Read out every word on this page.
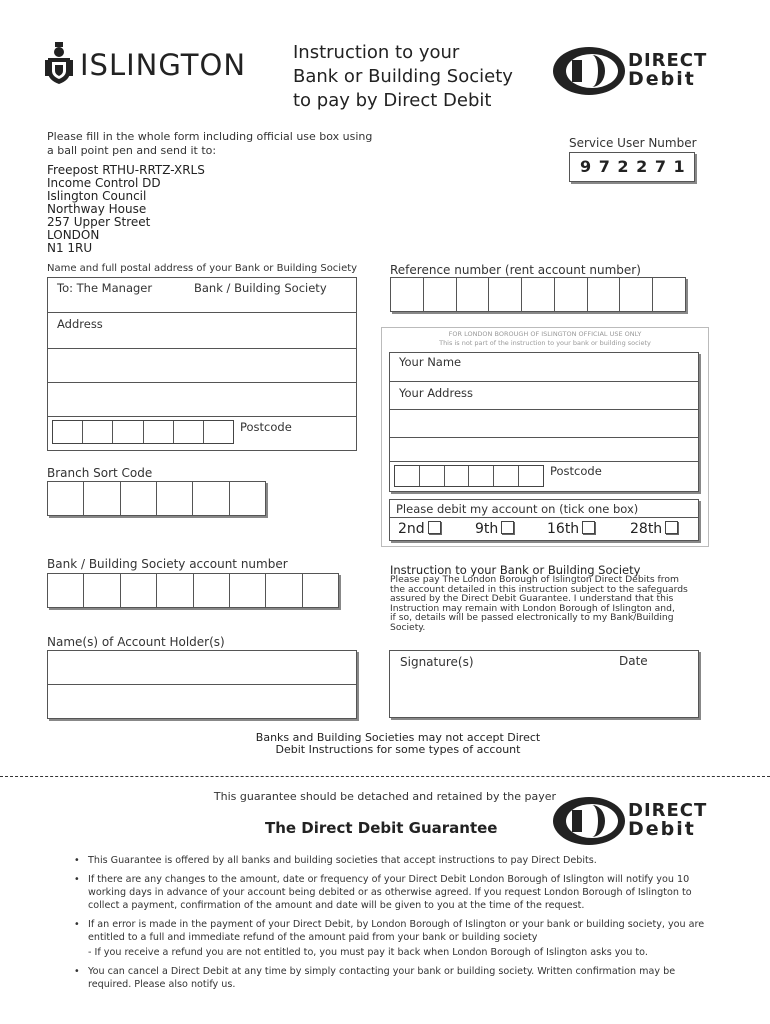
ISLINGTON	Instruction to your
Bank or Building Society
to pay by Direct Debit
DIRECT
Debit
Please fill in the whole form including official use box using
a ball point pen and send it to:
Freepost RTHU-RRTZ-XRLS
Income Control DD
Islington Council
Northway House
257 Upper Street
LONDON
N1 1RU
Service User Number
9 7 2 2 7 1
Name and full postal address of your Bank or Building Society
To: The Manager	Bank / Building Society
Address
Postcode
Reference number (rent account number)
FOR LONDON BOROUGH OF ISLINGTON OFFICIAL USE ONLY
This is not part of the instruction to your bank or building society
Your Name
Your Address
Postcode
Please debit my account on (tick one box)
2nd	9th	16th	28th
Branch Sort Code
Bank / Building Society account number
Name(s) of Account Holder(s)
Instruction to your Bank or Building Society
Please pay The London Borough of Islington Direct Debits from
the account detailed in this instruction subject to the safeguards
assured by the Direct Debit Guarantee. I understand that this
Instruction may remain with London Borough of Islington and,
if so, details will be passed electronically to my Bank/Building
Society.
Signature(s)	Date
Banks and Building Societies may not accept Direct
Debit Instructions for some types of account
This guarantee should be detached and retained by the payer
The Direct Debit Guarantee
DIRECT
Debit
• This Guarantee is offered by all banks and building societies that accept instructions to pay Direct Debits.
• If there are any changes to the amount, date or frequency of your Direct Debit London Borough of Islington will notify you 10 working days in advance of your account being debited or as otherwise agreed. If you request London Borough of Islington to collect a payment, confirmation of the amount and date will be given to you at the time of the request.
• If an error is made in the payment of your Direct Debit, by London Borough of Islington or your bank or building society, you are entitled to a full and immediate refund of the amount paid from your bank or building society
- If you receive a refund you are not entitled to, you must pay it back when London Borough of Islington asks you to.
• You can cancel a Direct Debit at any time by simply contacting your bank or building society. Written confirmation may be required. Please also notify us.
